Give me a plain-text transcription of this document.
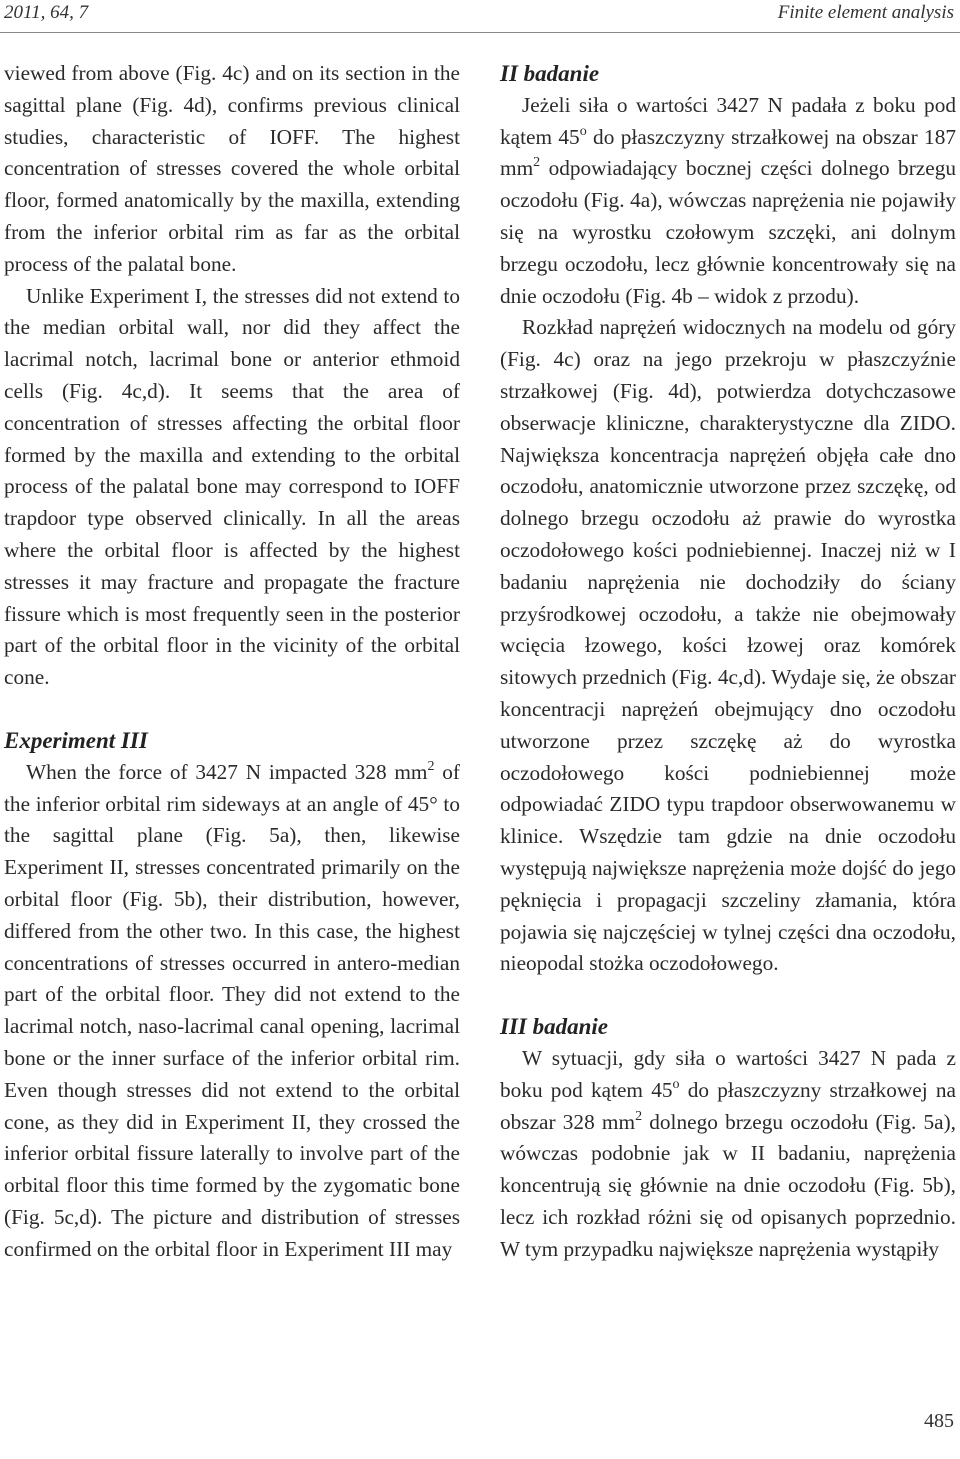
2011, 64, 7	Finite element analysis

viewed from above (Fig. 4c) and on its section in the sagittal plane (Fig. 4d), confirms previous clinical studies, characteristic of IOFF. The highest concentration of stresses covered the whole orbital floor, formed anatomically by the maxilla, extending from the inferior orbital rim as far as the orbital process of the palatal bone.

Unlike Experiment I, the stresses did not extend to the median orbital wall, nor did they affect the lacrimal notch, lacrimal bone or anterior ethmoid cells (Fig. 4c,d). It seems that the area of concentration of stresses affecting the orbital floor formed by the maxilla and extending to the orbital process of the palatal bone may correspond to IOFF trapdoor type observed clinically. In all the areas where the orbital floor is affected by the highest stresses it may fracture and propagate the fracture fissure which is most frequently seen in the posterior part of the orbital floor in the vicinity of the orbital cone.

Experiment III

When the force of 3427 N impacted 328 $mm^2$ of the inferior orbital rim sideways at an angle of 45° to the sagittal plane (Fig. 5a), then, likewise Experiment II, stresses concentrated primarily on the orbital floor (Fig. 5b), their distribution, however, differed from the other two. In this case, the highest concentrations of stresses occurred in antero-median part of the orbital floor. They did not extend to the lacrimal notch, naso-lacrimal canal opening, lacrimal bone or the inner surface of the inferior orbital rim. Even though stresses did not extend to the orbital cone, as they did in Experiment II, they crossed the inferior orbital fissure laterally to involve part of the orbital floor this time formed by the zygomatic bone (Fig. 5c,d). The picture and distribution of stresses confirmed on the orbital floor in Experiment III may

II badanie

Jeżeli siła o wartości 3427 N padała z boku pod kątem 45$^o$ do płaszczyzny strzałkowej na obszar 187 $mm^2$ odpowiadający bocznej części dolnego brzegu oczodołu (Fig. 4a), wówczas naprężenia nie pojawiły się na wyrostku czołowym szczęki, ani dolnym brzegu oczodołu, lecz głównie koncentrowały się na dnie oczodołu (Fig. 4b – widok z przodu).

Rozkład naprężeń widocznych na modelu od góry (Fig. 4c) oraz na jego przekroju w płaszczyźnie strzałkowej (Fig. 4d), potwierdza dotychczasowe obserwacje kliniczne, charakterystyczne dla ZIDO. Największa koncentracja naprężeń objęła całe dno oczodołu, anatomicznie utworzone przez szczękę, od dolnego brzegu oczodołu aż prawie do wyrostka oczodołowego kości podniebiennej. Inaczej niż w I badaniu naprężenia nie dochodziły do ściany przyśrodkowej oczodołu, a także nie obejmowały wcięcia łzowego, kości łzowej oraz komórek sitowych przednich (Fig. 4c,d). Wydaje się, że obszar koncentracji naprężeń obejmujący dno oczodołu utworzone przez szczękę aż do wyrostka oczodołowego kości podniebiennej może odpowiadać ZIDO typu trapdoor obserwowanemu w klinice. Wszędzie tam gdzie na dnie oczodołu występują największe naprężenia może dojść do jego pęknięcia i propagacji szczeliny złamania, która pojawia się najczęściej w tylnej części dna oczodołu, nieopodal stożka oczodołowego.

III badanie

W sytuacji, gdy siła o wartości 3427 N pada z boku pod kątem 45$^o$ do płaszczyzny strzałkowej na obszar 328 $mm^2$ dolnego brzegu oczodołu (Fig. 5a), wówczas podobnie jak w II badaniu, naprężenia koncentrują się głównie na dnie oczodołu (Fig. 5b), lecz ich rozkład różni się od opisanych poprzednio. W tym przypadku największe naprężenia wystąpiły

485
